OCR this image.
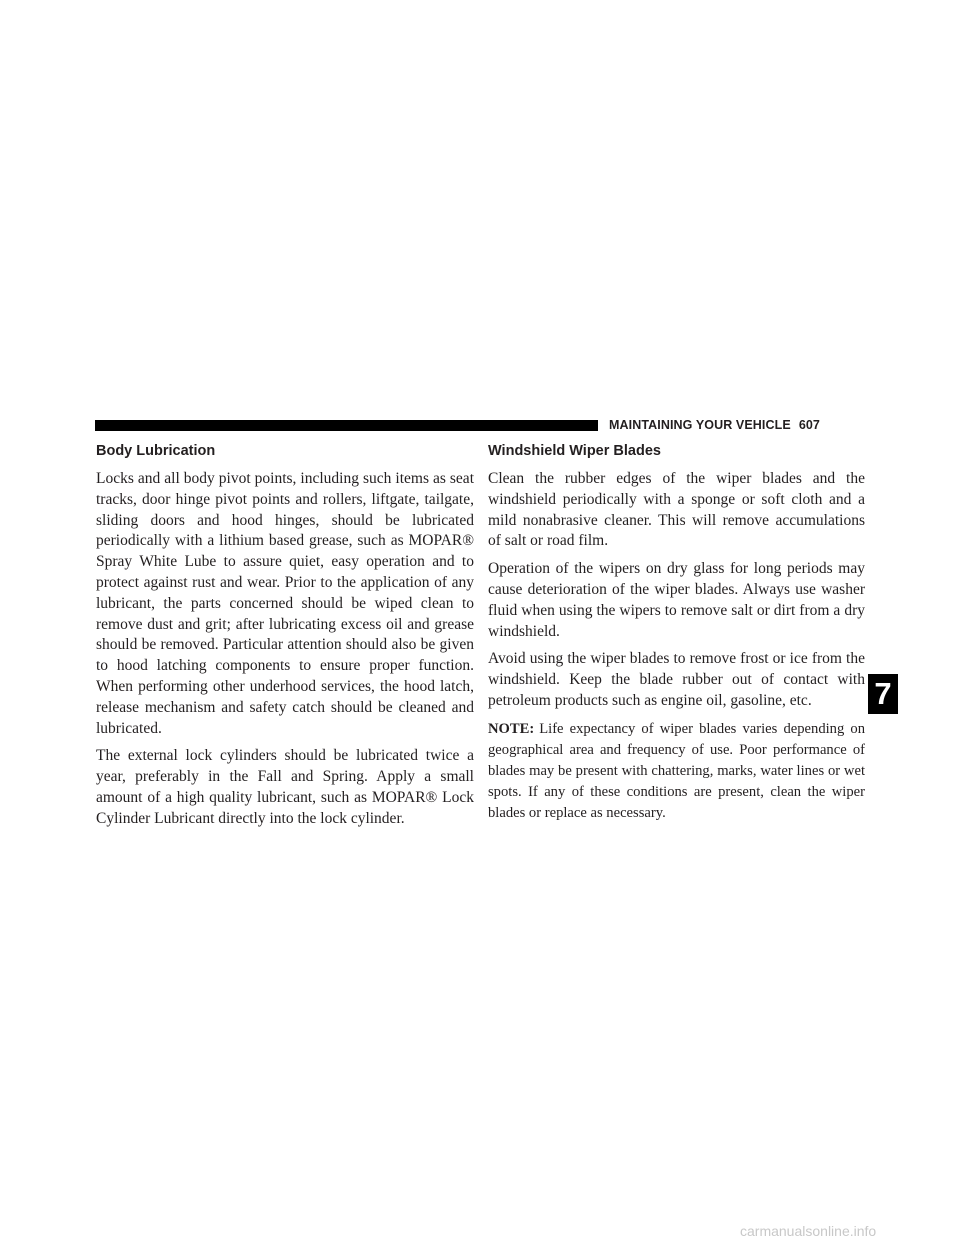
MAINTAINING YOUR VEHICLE 607
Body Lubrication

Locks and all body pivot points, including such items as seat tracks, door hinge pivot points and rollers, liftgate, tailgate, sliding doors and hood hinges, should be lubricated periodically with a lithium based grease, such as MOPAR® Spray White Lube to assure quiet, easy operation and to protect against rust and wear. Prior to the application of any lubricant, the parts concerned should be wiped clean to remove dust and grit; after lubricating excess oil and grease should be removed. Particular attention should also be given to hood latching components to ensure proper function. When performing other underhood services, the hood latch, release mechanism and safety catch should be cleaned and lubricated.

The external lock cylinders should be lubricated twice a year, preferably in the Fall and Spring. Apply a small amount of a high quality lubricant, such as MOPAR® Lock Cylinder Lubricant directly into the lock cylinder.

Windshield Wiper Blades

Clean the rubber edges of the wiper blades and the windshield periodically with a sponge or soft cloth and a mild nonabrasive cleaner. This will remove accumulations of salt or road film.

Operation of the wipers on dry glass for long periods may cause deterioration of the wiper blades. Always use washer fluid when using the wipers to remove salt or dirt from a dry windshield.

Avoid using the wiper blades to remove frost or ice from the windshield. Keep the blade rubber out of contact with petroleum products such as engine oil, gasoline, etc.

NOTE: Life expectancy of wiper blades varies depending on geographical area and frequency of use. Poor performance of blades may be present with chattering, marks, water lines or wet spots. If any of these conditions are present, clean the wiper blades or replace as necessary.

7
carmanualsonline.info
